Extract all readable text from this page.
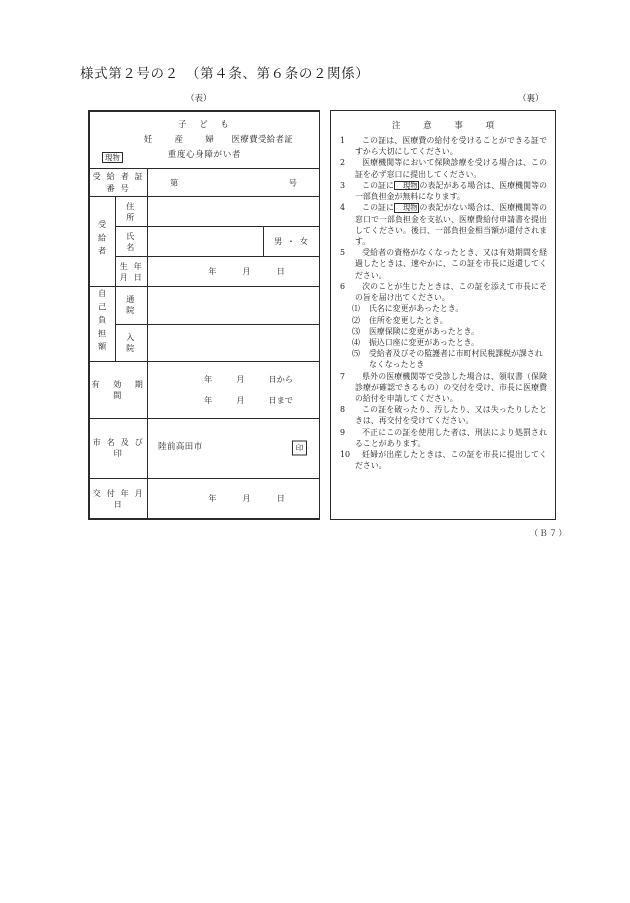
様式第２号の２　（第４条、第６条の２関係）
（表）	（裏）
子　ど　も
現物
妊　産　婦 医療費受給者証
重度心身障がい者			

受 給 者 証 番 号		第 号	

受給者	住　　所		
	氏　　名		男 ・ 女
	生 年 月 日	年 月 日	
自己負担額	通　院		
	入　院		
有　効　期　間		年 月 日から
年 月 日まで	

市 名 及 び 印		陸前高田市 印	

交 付 年 月 日		年 月 日	
注　意　事　項
1	この証は、医療費の給付を受けることができる証ですから大切にしてください。
2	医療機関等において保険診療を受ける場合は、この証を必ず窓口に提出してください。
3	この証に 現物 の表記がある場合は、医療機関等の一部負担金が無料になります。
4	この証に 現物 の表記がない場合は、医療機関等の窓口で一部負担金を支払い、医療費給付申請書を提出してください。後日、一部負担金相当額が還付されます。
5	受給者の資格がなくなったとき、又は有効期間を経過したときは、速やかに、この証を市長に返還してください。
6	次のことが生じたときは、この証を添えて市長にその旨を届け出てください。
⑴	氏名に変更があったとき。
⑵	住所を変更したとき。
⑶	医療保険に変更があったとき。
⑷	振込口座に変更があったとき。
⑸	受給者及びその監護者に市町村民税課税が課されなくなったとき
7	県外の医療機関等で受診した場合は、領収書（保険診療が確認できるもの）の交付を受け、市長に医療費の給付を申請してください。
8	この証を破ったり、汚したり、又は失ったりしたときは、再交付を受けてください。
9	不正にこの証を使用した者は、刑法により処罰されることがあります。
10	妊婦が出産したときは、この証を市長に提出してください。
（Ｂ７）
